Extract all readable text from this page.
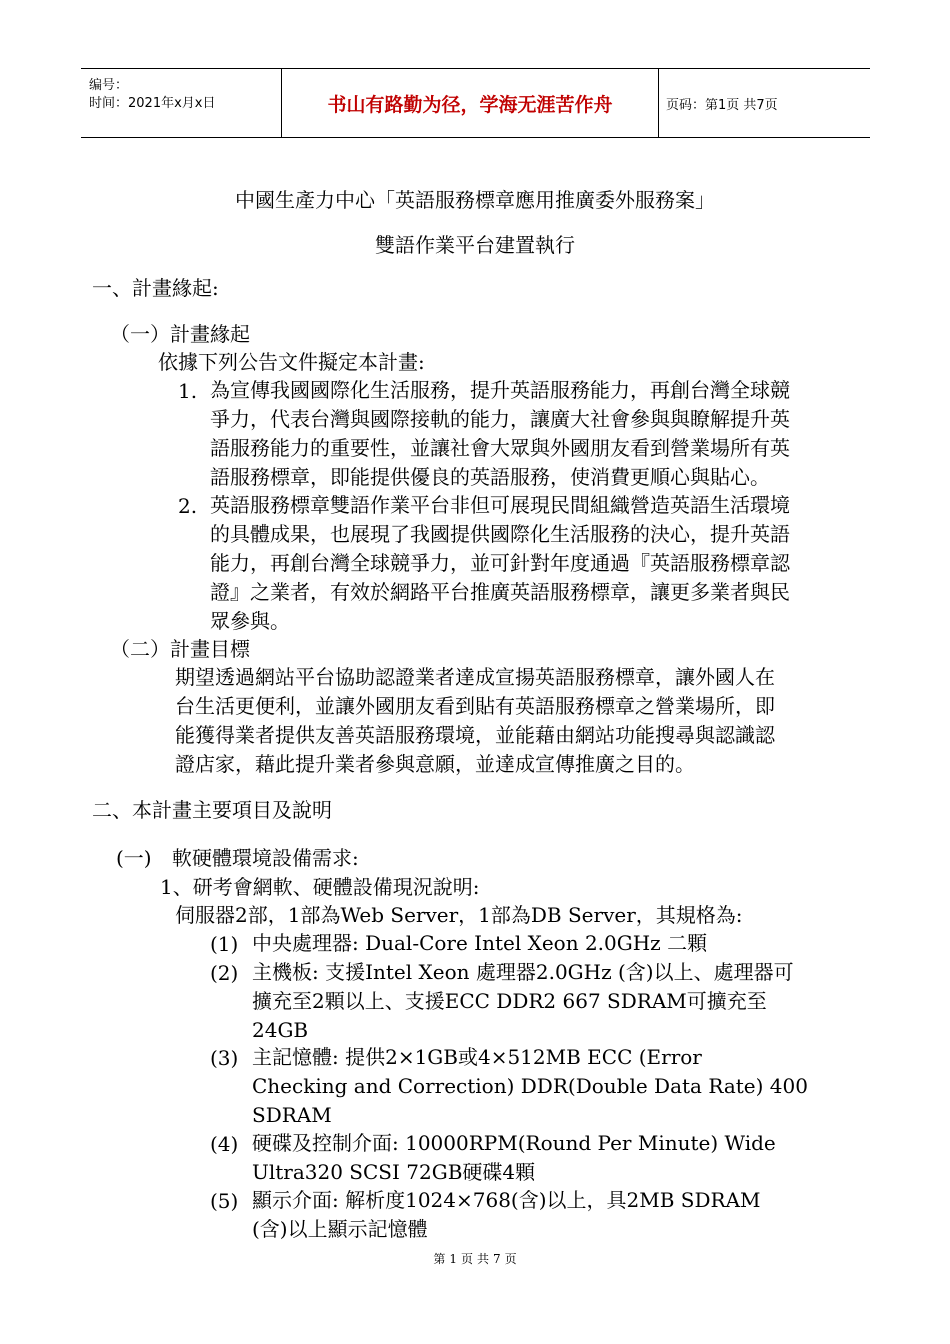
编号：
时间：2021年x月x日	书山有路勤为径，学海无涯苦作舟	页码：第1页 共7页
中國生產力中心「英語服務標章應用推廣委外服務案」
雙語作業平台建置執行
一、計畫緣起:
（一）計畫緣起
依據下列公告文件擬定本計畫:
1. 為宣傳我國國際化生活服務，提升英語服務能力，再創台灣全球競

爭力，代表台灣與國際接軌的能力，讓廣大社會參與與瞭解提升英

語服務能力的重要性，並讓社會大眾與外國朋友看到營業場所有英

語服務標章，即能提供優良的英語服務，使消費更順心與貼心。

2. 英語服務標章雙語作業平台非但可展現民間組織營造英語生活環境

的具體成果，也展現了我國提供國際化生活服務的決心，提升英語

能力，再創台灣全球競爭力，並可針對年度通過『英語服務標章認

證』之業者，有效於網路平台推廣英語服務標章，讓更多業者與民

眾參與。

（二）計畫目標

期望透過網站平台協助認證業者達成宣揚英語服務標章，讓外國人在

台生活更便利，並讓外國朋友看到貼有英語服務標章之營業場所，即

能獲得業者提供友善英語服務環境，並能藉由網站功能搜尋與認識認

證店家，藉此提升業者參與意願，並達成宣傳推廣之目的。

二、本計畫主要項目及說明
(一) 軟硬體環境設備需求:
1、研考會網軟、硬體設備現況說明:
伺服器2部，1部為Web Server，1部為DB Server，其規格為:
(1) 中央處理器: Dual-Core Intel Xeon 2.0GHz 二顆

(2) 主機板: 支援Intel Xeon 處理器2.0GHz (含)以上、處理器可

擴充至2顆以上、支援ECC DDR2 667 SDRAM可擴充至

24GB

(3) 主記憶體: 提供2×1GB或4×512MB ECC (Error

Checking and Correction) DDR(Double Data Rate) 400

SDRAM

(4) 硬碟及控制介面: 10000RPM(Round Per Minute) Wide

Ultra320 SCSI 72GB硬碟4顆

(5) 顯示介面: 解析度1024×768(含)以上，具2MB SDRAM

(含)以上顯示記憶體

第 1 页 共 7 页
